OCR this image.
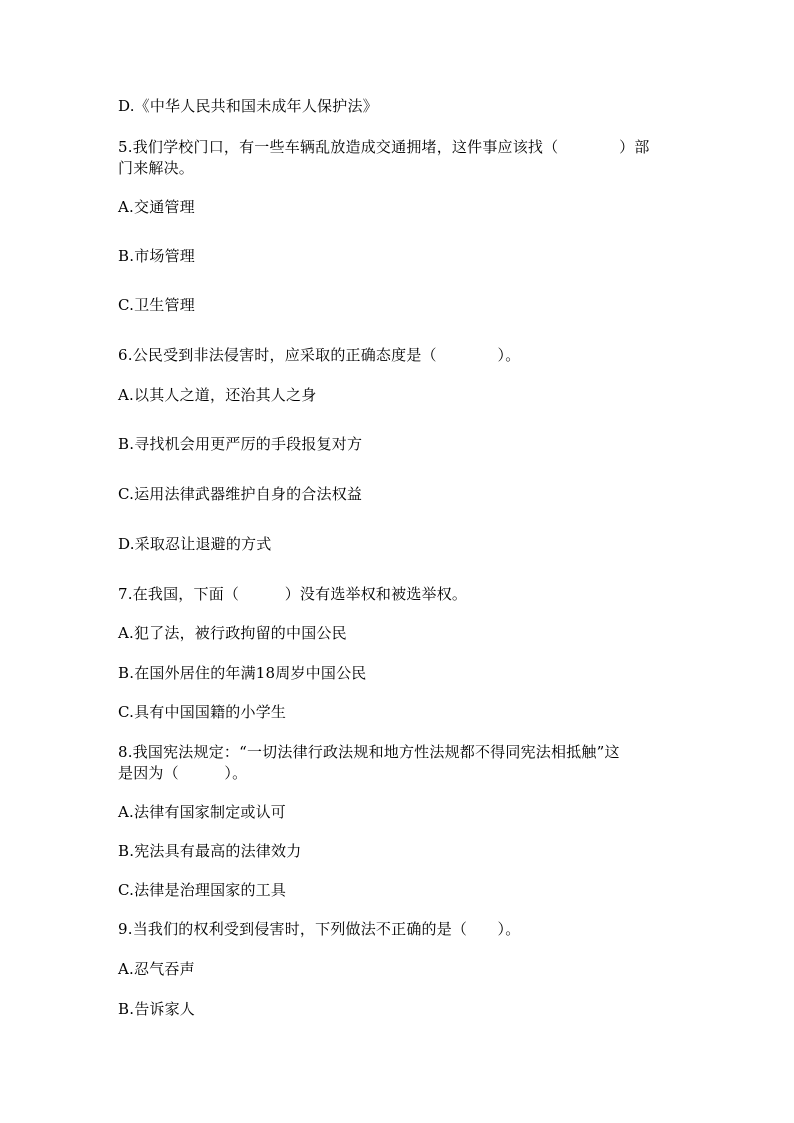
D.《中华人民共和国未成年人保护法》
5.我们学校门口，有一些车辆乱放造成交通拥堵，这件事应该找（　　　　）部
门来解决。
A.交通管理
B.市场管理
C.卫生管理
6.公民受到非法侵害时，应采取的正确态度是（　　　　）。
A.以其人之道，还治其人之身
B.寻找机会用更严厉的手段报复对方
C.运用法律武器维护自身的合法权益
D.采取忍让退避的方式
7.在我国，下面（　　　）没有选举权和被选举权。
A.犯了法，被行政拘留的中国公民
B.在国外居住的年满18周岁中国公民
C.具有中国国籍的小学生
8.我国宪法规定：“一切法律行政法规和地方性法规都不得同宪法相抵触”这
是因为（　　　）。
A.法律有国家制定或认可
B.宪法具有最高的法律效力
C.法律是治理国家的工具
9.当我们的权利受到侵害时，下列做法不正确的是（　　）。
A.忍气吞声
B.告诉家人
